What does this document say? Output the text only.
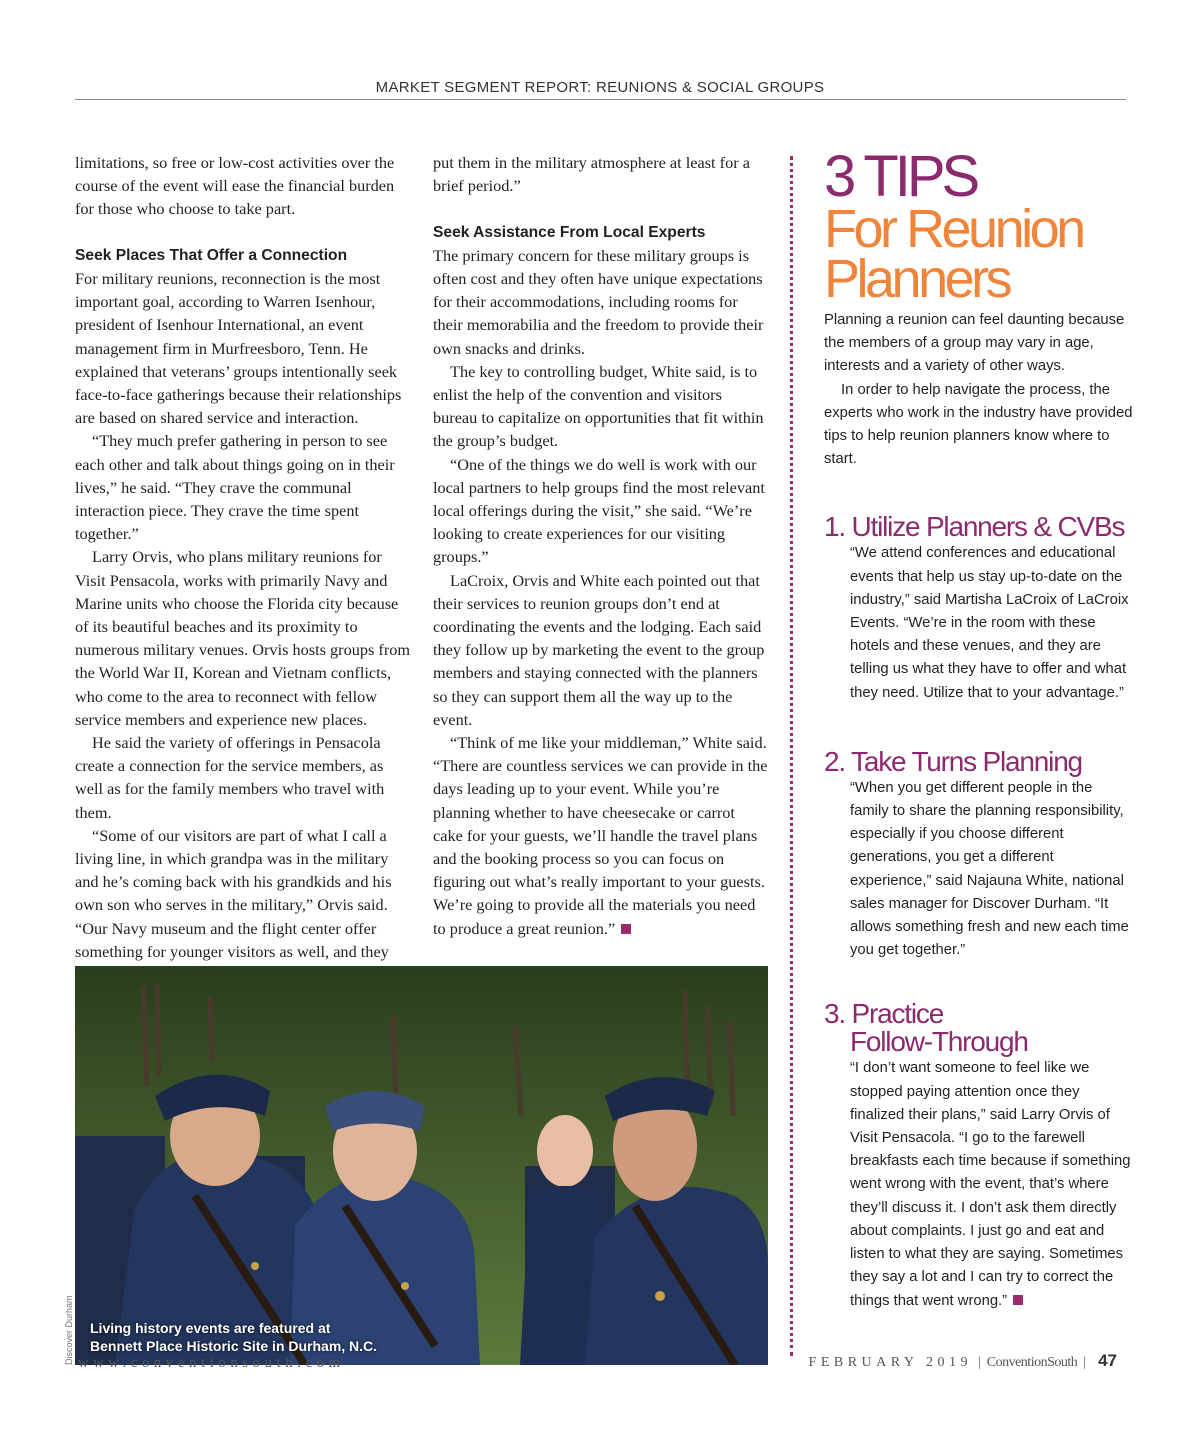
MARKET SEGMENT REPORT: REUNIONS & SOCIAL GROUPS

limitations, so free or low-cost activities over the course of the event will ease the financial burden for those who choose to take part.

Seek Places That Offer a Connection

For military reunions, reconnection is the most important goal, according to Warren Isenhour, president of Isenhour International, an event management firm in Murfreesboro, Tenn. He explained that veterans’ groups intentionally seek face-to-face gatherings because their relationships are based on shared service and interaction.

“They much prefer gathering in person to see each other and talk about things going on in their lives,” he said. “They crave the communal interaction piece. They crave the time spent together.”

Larry Orvis, who plans military reunions for Visit Pensacola, works with primarily Navy and Marine units who choose the Florida city because of its beautiful beaches and its proximity to numerous military venues. Orvis hosts groups from the World War II, Korean and Vietnam conflicts, who come to the area to reconnect with fellow service members and experience new places.

He said the variety of offerings in Pensacola create a connection for the service members, as well as for the family members who travel with them.

“Some of our visitors are part of what I call a living line, in which grandpa was in the military and he’s coming back with his grandkids and his own son who serves in the military,” Orvis said. “Our Navy museum and the flight center offer something for younger visitors as well, and they

put them in the military atmosphere at least for a brief period.”

Seek Assistance From Local Experts

The primary concern for these military groups is often cost and they often have unique expectations for their accommodations, including rooms for their memorabilia and the freedom to provide their own snacks and drinks.

The key to controlling budget, White said, is to enlist the help of the convention and visitors bureau to capitalize on opportunities that fit within the group’s budget.

“One of the things we do well is work with our local partners to help groups find the most relevant local offerings during the visit,” she said. “We’re looking to create experiences for our visiting groups.”

LaCroix, Orvis and White each pointed out that their services to reunion groups don’t end at coordinating the events and the lodging. Each said they follow up by marketing the event to the group members and staying connected with the planners so they can support them all the way up to the event.

“Think of me like your middleman,” White said. “There are countless services we can provide in the days leading up to your event. While you’re planning whether to have cheesecake or carrot cake for your guests, we’ll handle the travel plans and the booking process so you can focus on figuring out what’s really important to your guests. We’re going to provide all the materials you need to produce a great reunion.”

Living history events are featured at
Bennett Place Historic Site in Durham, N.C.
Discover Durham
3 TIPS
For Reunion
Planners

Planning a reunion can feel daunting because the members of a group may vary in age, interests and a variety of other ways.

In order to help navigate the process, the experts who work in the industry have provided tips to help reunion planners know where to start.

1. Utilize Planners & CVBs
“We attend conferences and educational events that help us stay up-to-date on the industry,” said Martisha LaCroix of LaCroix Events. “We’re in the room with these hotels and these venues, and they are telling us what they have to offer and what they need. Utilize that to your advantage.”
2. Take Turns Planning
“When you get different people in the family to share the planning responsibility, especially if you choose different generations, you get a different experience,” said Najauna White, national sales manager for Discover Durham. “It allows something fresh and new each time you get together.”
3. Practice
Follow-Through
“I don’t want someone to feel like we stopped paying attention once they finalized their plans,” said Larry Orvis of Visit Pensacola. “I go to the farewell breakfasts each time because if something went wrong with the event, that’s where they’ll discuss it. I don’t ask them directly about complaints. I just go and eat and listen to what they are saying. Sometimes they say a lot and I can try to correct the things that went wrong.”
www.conventionsouth.com	FEBRUARY 2019 | ConventionSouth | 47
